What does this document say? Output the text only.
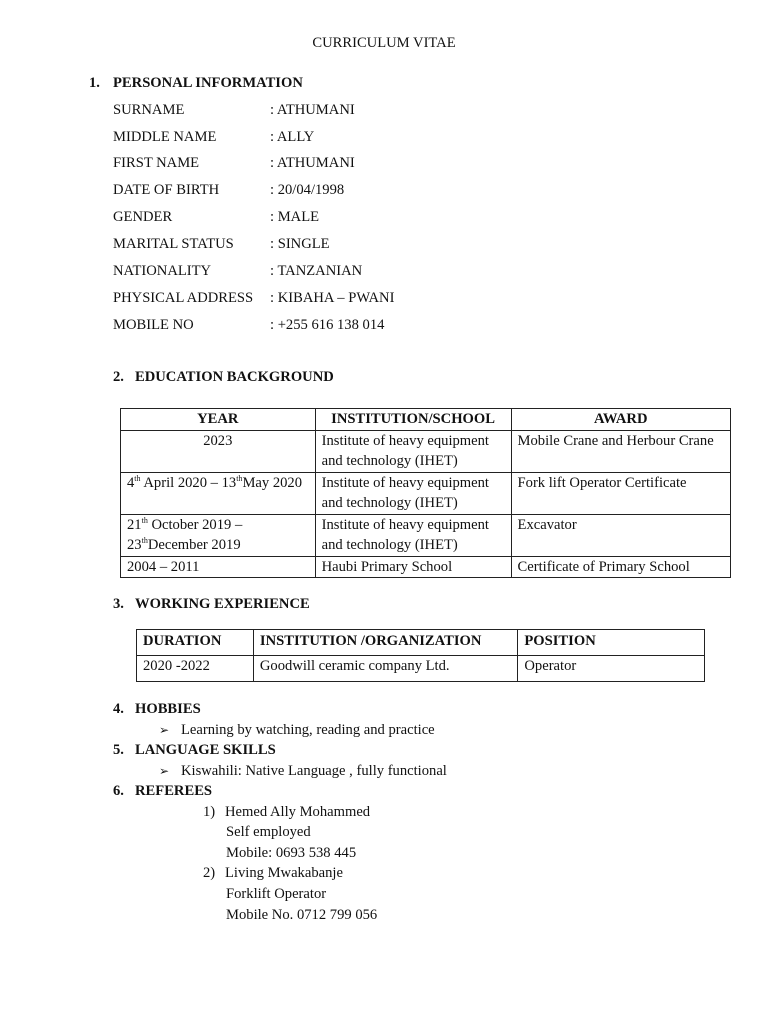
CURRICULUM VITAE
1. PERSONAL INFORMATION
SURNAME	: ATHUMANI
MIDDLE NAME	: ALLY
FIRST NAME	: ATHUMANI
DATE OF BIRTH	: 20/04/1998
GENDER	: MALE
MARITAL STATUS : SINGLE
NATIONALITY	: TANZANIAN
PHYSICAL ADDRESS : KIBAHA – PWANI
MOBILE NO	: +255 616 138 014
2. EDUCATION BACKGROUND
YEAR	INSTITUTION/SCHOOL	AWARD
2023	Institute of heavy equipment and technology (IHET)	Mobile Crane and Herbour Crane
4th April 2020 – 13thMay 2020	Institute of heavy equipment and technology (IHET)	Fork lift Operator Certificate
21th October 2019 – 23thDecember 2019	Institute of heavy equipment and technology (IHET)	Excavator
2004 – 2011	Haubi Primary School	Certificate of Primary School
3. WORKING EXPERIENCE
DURATION	INSTITUTION /ORGANIZATION	POSITION
2020 -2022	Goodwill ceramic company Ltd.	Operator
4. HOBBIES
➢ Learning by watching, reading and practice
5. LANGUAGE SKILLS
➢ Kiswahili: Native Language , fully functional
6. REFEREES
1) Hemed Ally Mohammed
Self employed
Mobile: 0693 538 445
2) Living Mwakabanje
Forklift Operator
Mobile No. 0712 799 056
